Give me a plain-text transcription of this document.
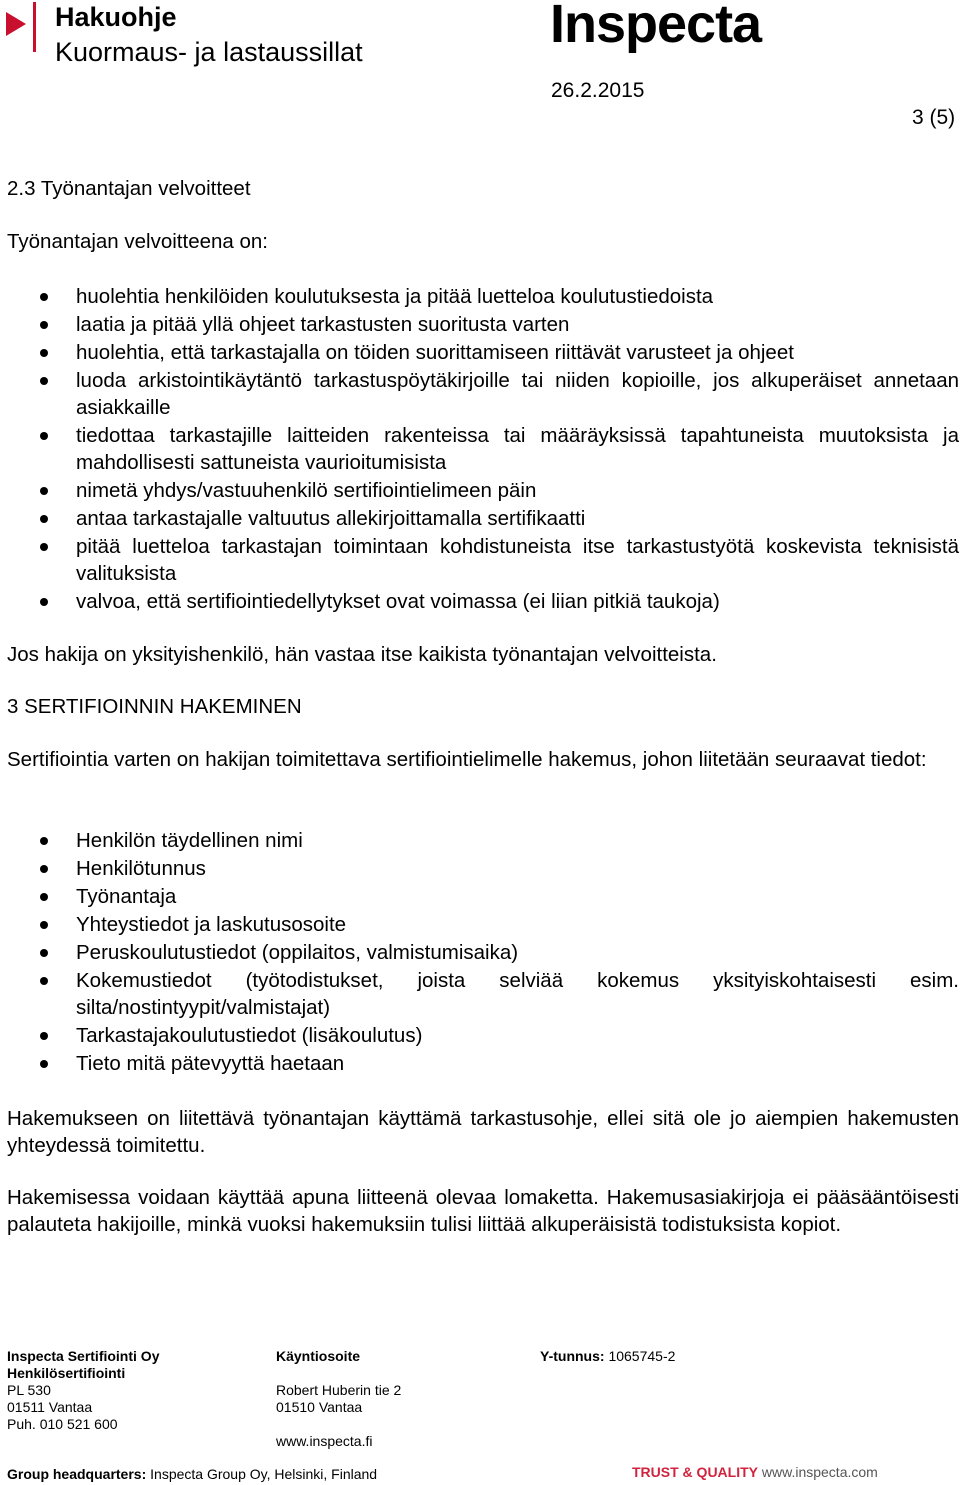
Hakuohje
Kuormaus- ja lastaussillat	Inspecta
26.2.2015
3 (5)
2.3 Työnantajan velvoitteet
Työnantajan velvoitteena on:
huolehtia henkilöiden koulutuksesta ja pitää luetteloa koulutustiedoista
laatia ja pitää yllä ohjeet tarkastusten suoritusta varten
huolehtia, että tarkastajalla on töiden suorittamiseen riittävät varusteet ja ohjeet
luoda arkistointikäytäntö tarkastuspöytäkirjoille tai niiden kopioille, jos alkuperäiset annetaan asiakkaille
tiedottaa tarkastajille laitteiden rakenteissa tai määräyksissä tapahtuneista muutoksista ja mahdollisesti sattuneista vaurioitumisista
nimetä yhdys/vastuuhenkilö sertifiointielimeen päin
antaa tarkastajalle valtuutus allekirjoittamalla sertifikaatti
pitää luetteloa tarkastajan toimintaan kohdistuneista itse tarkastustyötä koskevista teknisistä valituksista
valvoa, että sertifiointiedellytykset ovat voimassa (ei liian pitkiä taukoja)
Jos hakija on yksityishenkilö, hän vastaa itse kaikista työnantajan velvoitteista.
3 SERTIFIOINNIN HAKEMINEN
Sertifiointia varten on hakijan toimitettava sertifiointielimelle hakemus, johon liitetään seuraavat tiedot:
Henkilön täydellinen nimi
Henkilötunnus
Työnantaja
Yhteystiedot ja laskutusosoite
Peruskoulutustiedot (oppilaitos, valmistumisaika)
Kokemustiedot (työtodistukset, joista selviää kokemus yksityiskohtaisesti esim. silta/nostintyypit/valmistajat)
Tarkastajakoulutustiedot (lisäkoulutus)
Tieto mitä pätevyyttä haetaan
Hakemukseen on liitettävä työnantajan käyttämä tarkastusohje, ellei sitä ole jo aiempien hakemusten yhteydessä toimitettu.
Hakemisessa voidaan käyttää apuna liitteenä olevaa lomaketta. Hakemusasiakirjoja ei pääsääntöisesti palauteta hakijoille, minkä vuoksi hakemuksiin tulisi liittää alkuperäisistä todistuksista kopiot.
Inspecta Sertifiointi Oy
Henkilösertifiointi
PL 530
01511 Vantaa
Puh. 010 521 600
Käyntiosoite

Robert Huberin tie 2
01510 Vantaa

www.inspecta.fi
Y-tunnus: 1065745-2
Group headquarters: Inspecta Group Oy, Helsinki, Finland	TRUST & QUALITY www.inspecta.com
